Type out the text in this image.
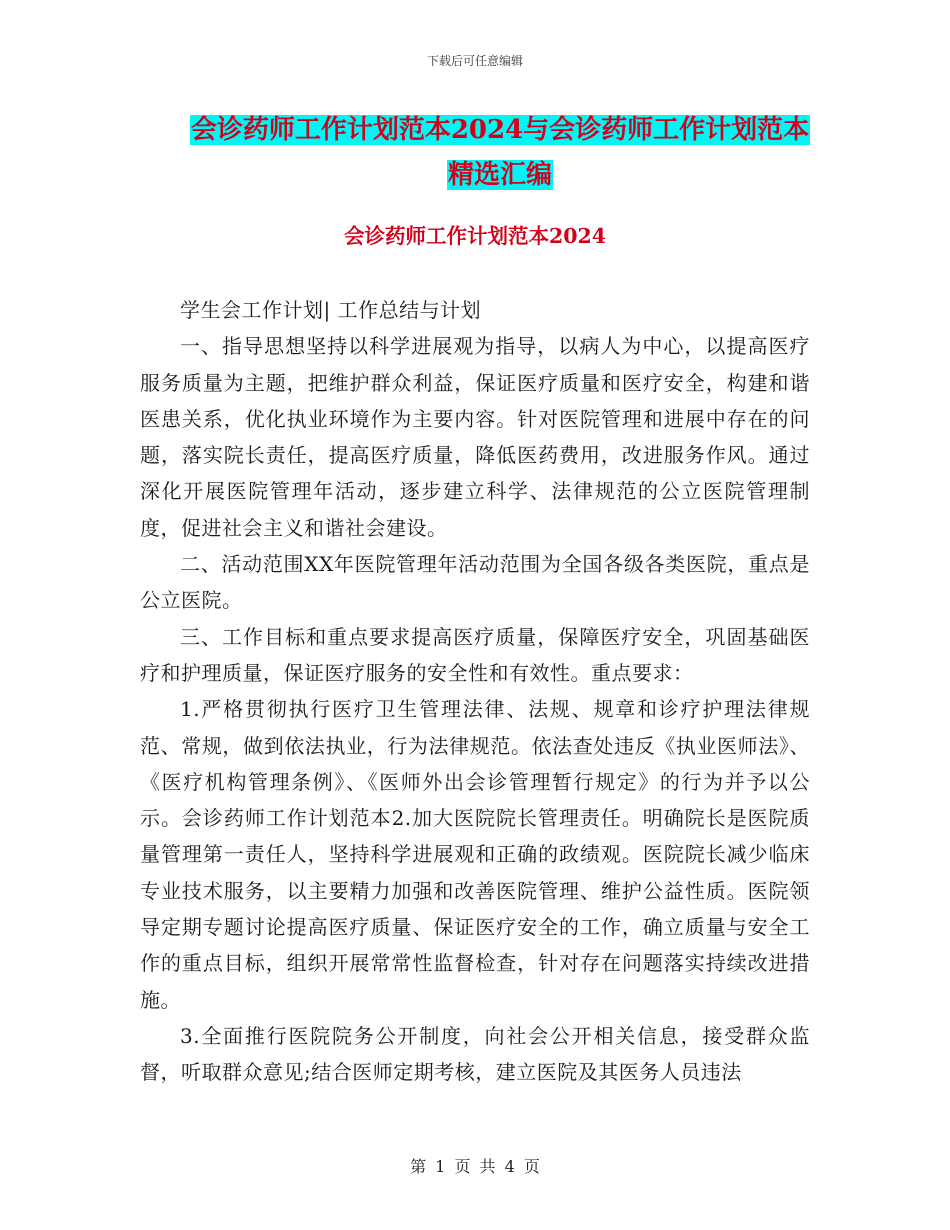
下载后可任意编辑
会诊药师工作计划范本2024与会诊药师工作计划范本
精选汇编
会诊药师工作计划范本2024

学生会工作计划| 工作总结与计划

一、指导思想坚持以科学进展观为指导，以病人为中心，以提高医疗服务质量为主题，把维护群众利益，保证医疗质量和医疗安全，构建和谐医患关系，优化执业环境作为主要内容。针对医院管理和进展中存在的问题，落实院长责任，提高医疗质量，降低医药费用，改进服务作风。通过深化开展医院管理年活动，逐步建立科学、法律规范的公立医院管理制度，促进社会主义和谐社会建设。

二、活动范围XX年医院管理年活动范围为全国各级各类医院，重点是公立医院。

三、工作目标和重点要求提高医疗质量，保障医疗安全，巩固基础医疗和护理质量，保证医疗服务的安全性和有效性。重点要求：

1.严格贯彻执行医疗卫生管理法律、法规、规章和诊疗护理法律规范、常规，做到依法执业，行为法律规范。依法查处违反《执业医师法》、《医疗机构管理条例》、《医师外出会诊管理暂行规定》的行为并予以公示。会诊药师工作计划范本2.加大医院院长管理责任。明确院长是医院质量管理第一责任人，坚持科学进展观和正确的政绩观。医院院长减少临床专业技术服务，以主要精力加强和改善医院管理、维护公益性质。医院领导定期专题讨论提高医疗质量、保证医疗安全的工作，确立质量与安全工作的重点目标，组织开展常常性监督检查，针对存在问题落实持续改进措施。

3.全面推行医院院务公开制度，向社会公开相关信息，接受群众监督，听取群众意见;结合医师定期考核，建立医院及其医务人员违法

第 1 页 共 4 页
